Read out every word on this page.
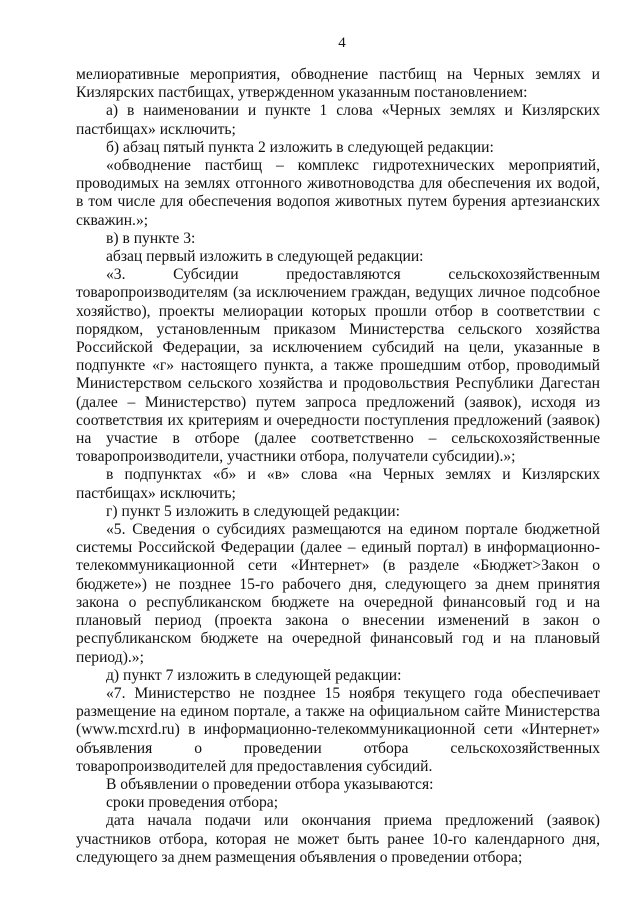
4

мелиоративные мероприятия, обводнение пастбищ на Черных землях и Кизлярских пастбищах, утвержденном указанным постановлением:

а) в наименовании и пункте 1 слова «Черных землях и Кизлярских пастбищах» исключить;

б) абзац пятый пункта 2 изложить в следующей редакции:

«обводнение пастбищ – комплекс гидротехнических мероприятий, проводимых на землях отгонного животноводства для обеспечения их водой, в том числе для обеспечения водопоя животных путем бурения артезианских скважин.»;

в) в пункте 3:

абзац первый изложить в следующей редакции:

«3. Субсидии предоставляются сельскохозяйственным товаропроизводителям (за исключением граждан, ведущих личное подсобное хозяйство), проекты мелиорации которых прошли отбор в соответствии с порядком, установленным приказом Министерства сельского хозяйства Российской Федерации, за исключением субсидий на цели, указанные в подпункте «г» настоящего пункта, а также прошедшим отбор, проводимый Министерством сельского хозяйства и продовольствия Республики Дагестан (далее – Министерство) путем запроса предложений (заявок), исходя из соответствия их критериям и очередности поступления предложений (заявок) на участие в отборе (далее соответственно – сельскохозяйственные товаропроизводители, участники отбора, получатели субсидии).»;

в подпунктах «б» и «в» слова «на Черных землях и Кизлярских пастбищах» исключить;

г) пункт 5 изложить в следующей редакции:

«5. Сведения о субсидиях размещаются на едином портале бюджетной системы Российской Федерации (далее – единый портал) в информационно-телекоммуникационной сети «Интернет» (в разделе «Бюджет>Закон о бюджете») не позднее 15-го рабочего дня, следующего за днем принятия закона о республиканском бюджете на очередной финансовый год и на плановый период (проекта закона о внесении изменений в закон о республиканском бюджете на очередной финансовый год и на плановый период).»;

д) пункт 7 изложить в следующей редакции:

«7. Министерство не позднее 15 ноября текущего года обеспечивает размещение на едином портале, а также на официальном сайте Министерства (www.mcxrd.ru) в информационно-телекоммуникационной сети «Интернет» объявления о проведении отбора сельскохозяйственных товаропроизводителей для предоставления субсидий.

В объявлении о проведении отбора указываются:

сроки проведения отбора;

дата начала подачи или окончания приема предложений (заявок) участников отбора, которая не может быть ранее 10-го календарного дня, следующего за днем размещения объявления о проведении отбора;
